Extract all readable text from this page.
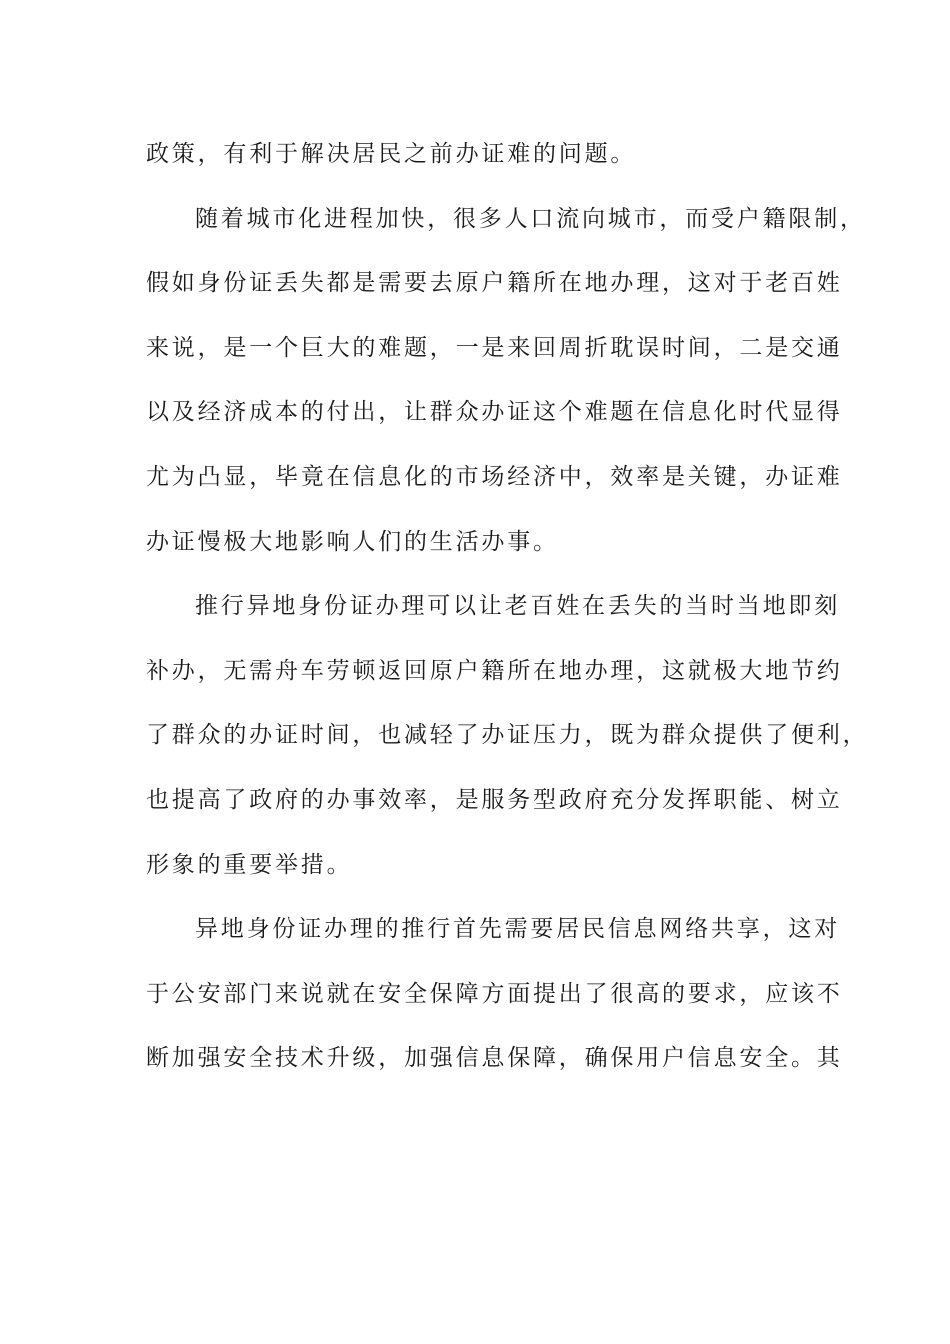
政策，有利于解决居民之前办证难的问题。
随着城市化进程加快，很多人口流向城市，而受户籍限制，
假如身份证丢失都是需要去原户籍所在地办理，这对于老百姓
来说，是一个巨大的难题，一是来回周折耽误时间，二是交通
以及经济成本的付出，让群众办证这个难题在信息化时代显得
尤为凸显，毕竟在信息化的市场经济中，效率是关键，办证难
办证慢极大地影响人们的生活办事。
推行异地身份证办理可以让老百姓在丢失的当时当地即刻
补办，无需舟车劳顿返回原户籍所在地办理，这就极大地节约
了群众的办证时间，也减轻了办证压力，既为群众提供了便利，
也提高了政府的办事效率，是服务型政府充分发挥职能、树立
形象的重要举措。
异地身份证办理的推行首先需要居民信息网络共享，这对
于公安部门来说就在安全保障方面提出了很高的要求，应该不
断加强安全技术升级，加强信息保障，确保用户信息安全。其
